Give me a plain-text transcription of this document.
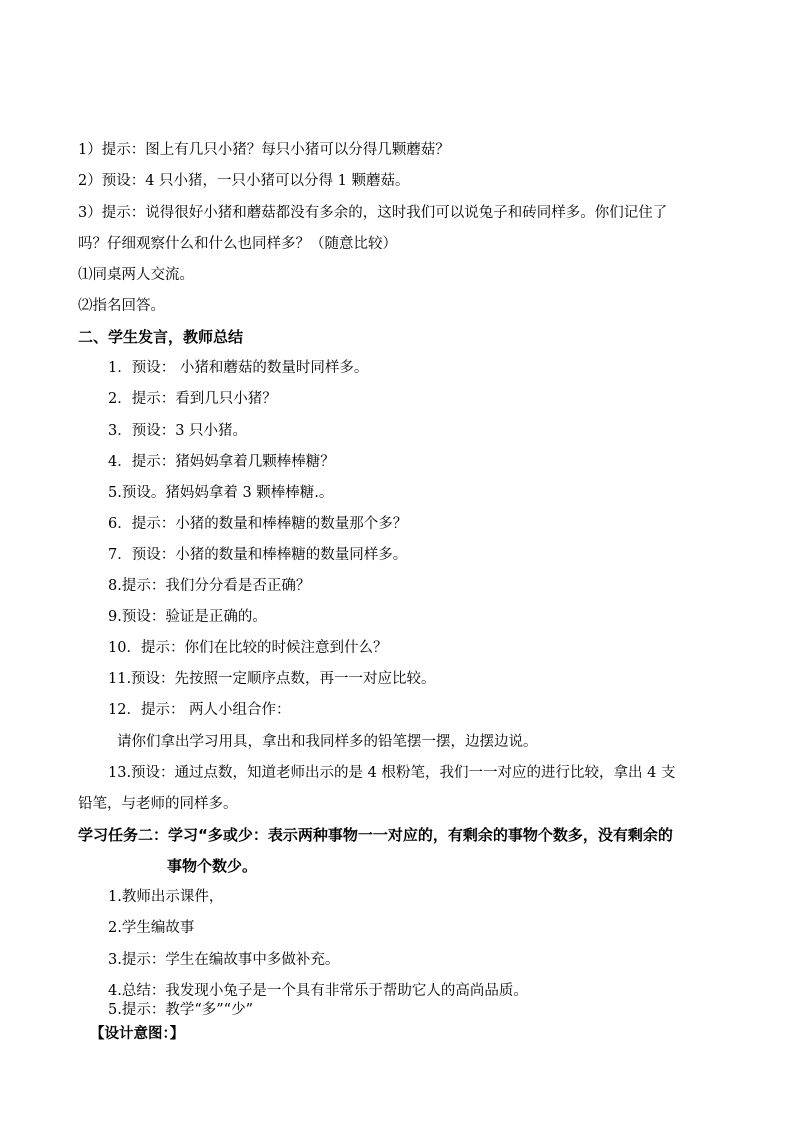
1）提示：图上有几只小猪？每只小猪可以分得几颗蘑菇？
2）预设：4 只小猪，一只小猪可以分得 1 颗蘑菇。
3）提示：说得很好小猪和蘑菇都没有多余的，这时我们可以说兔子和砖同样多。你们记住了
吗？仔细观察什么和什么也同样多？（随意比较）
⑴同桌两人交流。
⑵指名回答。
二、学生发言，教师总结
1．预设： 小猪和蘑菇的数量时同样多。
2．提示：看到几只小猪？
3．预设：3 只小猪。
4．提示：猪妈妈拿着几颗棒棒糖？
5.预设。猪妈妈拿着 3 颗棒棒糖.。
6．提示：小猪的数量和棒棒糖的数量那个多？
7．预设：小猪的数量和棒棒糖的数量同样多。
8.提示：我们分分看是否正确？
9.预设：验证是正确的。
10．提示：你们在比较的时候注意到什么？
11.预设：先按照一定顺序点数，再一一对应比较。
12．提示： 两人小组合作：
请你们拿出学习用具，拿出和我同样多的铅笔摆一摆，边摆边说。
13.预设：通过点数，知道老师出示的是 4 根粉笔，我们一一对应的进行比较，拿出 4 支
铅笔，与老师的同样多。
学习任务二：学习“多或少：表示两种事物一一对应的，有剩余的事物个数多，没有剩余的
事物个数少。
1.教师出示课件，
2.学生编故事
3.提示：学生在编故事中多做补充。
4.总结：我发现小兔子是一个具有非常乐于帮助它人的高尚品质。
5.提示：教学“多”“少”
【设计意图：】
